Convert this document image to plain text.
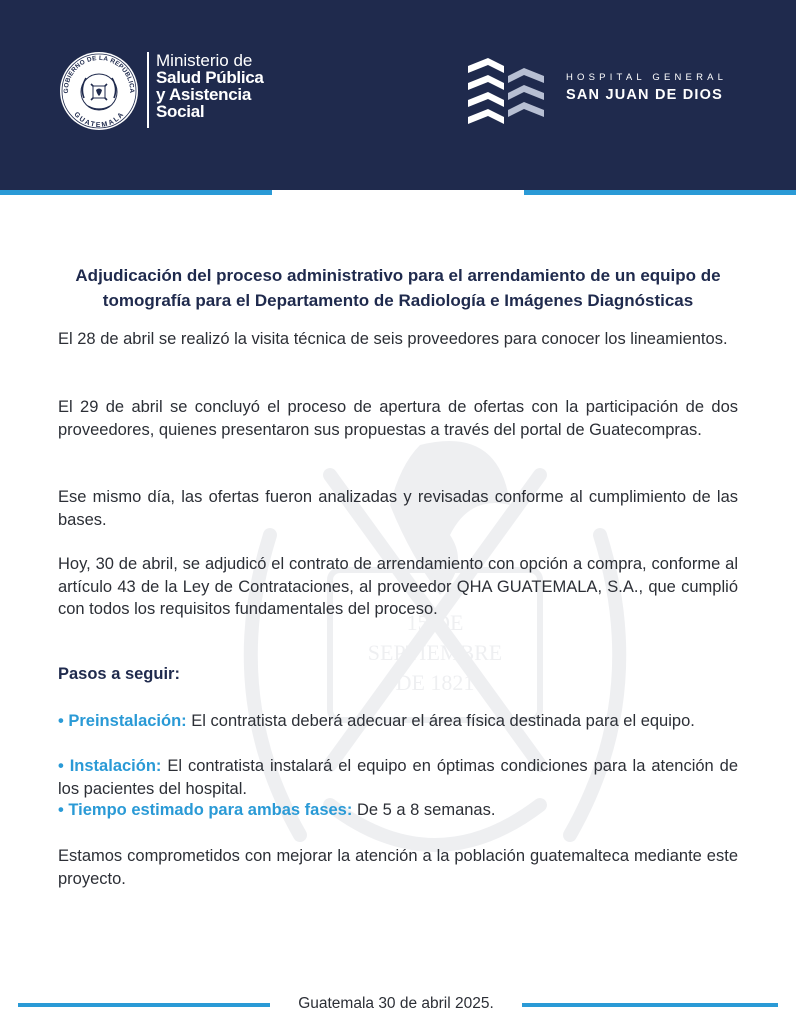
GOBIERNO DE LA REPÚBLICA
GUATEMALA
Ministerio de
Salud Pública
y Asistencia
Social
HOSPITAL GENERAL
SAN JUAN DE DIOS
15 DE
SEPTIEMBRE
DE 1821
Adjudicación del proceso administrativo para el arrendamiento de un equipo de tomografía para el Departamento de Radiología e Imágenes Diagnósticas

El 28 de abril se realizó la visita técnica de seis proveedores para conocer los lineamientos.

El 29 de abril se concluyó el proceso de apertura de ofertas con la participación de dos proveedores, quienes presentaron sus propuestas a través del portal de Guatecompras.

Ese mismo día, las ofertas fueron analizadas y revisadas conforme al cumplimiento de las bases.

Hoy, 30 de abril, se adjudicó el contrato de arrendamiento con opción a compra, conforme al artículo 43 de la Ley de Contrataciones, al proveedor QHA GUATEMALA, S.A., que cumplió con todos los requisitos fundamentales del proceso.

Pasos a seguir:

• Preinstalación: El contratista deberá adecuar el área física destinada para el equipo.

• Instalación: El contratista instalará el equipo en óptimas condiciones para la atención de los pacientes del hospital.

• Tiempo estimado para ambas fases: De 5 a 8 semanas.

Estamos comprometidos con mejorar la atención a la población guatemalteca mediante este proyecto.

Guatemala 30 de abril 2025.
